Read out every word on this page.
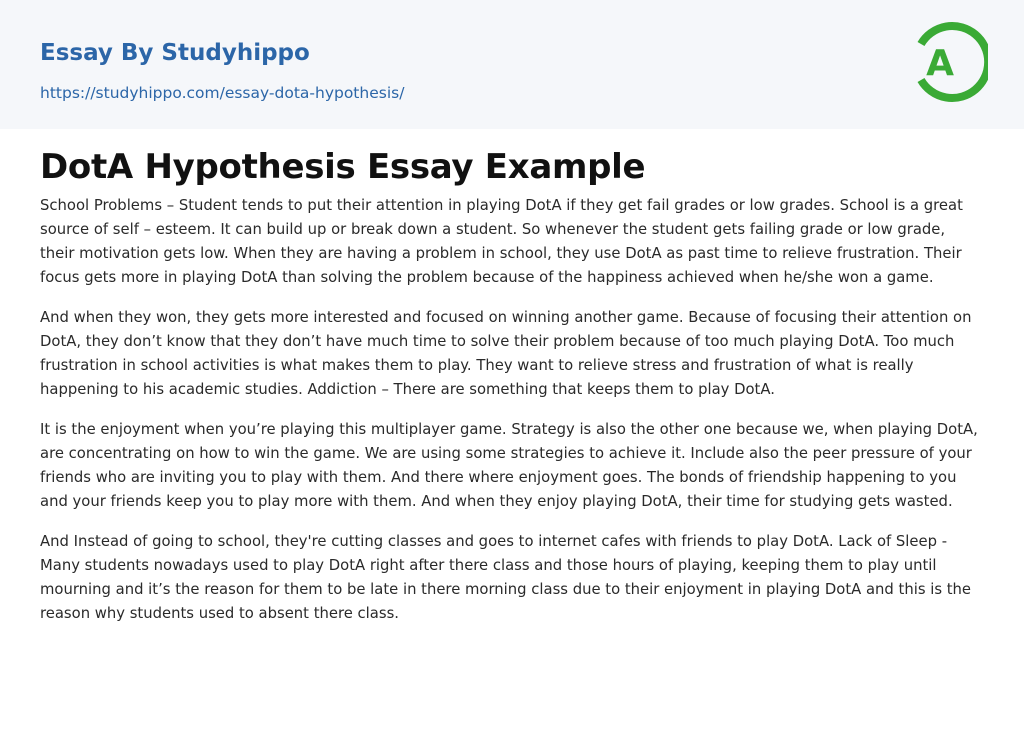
Essay By Studyhippo
https://studyhippo.com/essay-dota-hypothesis/
A
DotA Hypothesis Essay Example

School Problems – Student tends to put their attention in playing DotA if they get fail grades or low grades. School is a great source of self – esteem. It can build up or break down a student. So whenever the student gets failing grade or low grade, their motivation gets low. When they are having a problem in school, they use DotA as past time to relieve frustration. Their focus gets more in playing DotA than solving the problem because of the happiness achieved when he/she won a game.

And when they won, they gets more interested and focused on winning another game. Because of focusing their attention on DotA, they don’t know that they don’t have much time to solve their problem because of too much playing DotA. Too much frustration in school activities is what makes them to play. They want to relieve stress and frustration of what is really happening to his academic studies. Addiction – There are something that keeps them to play DotA.

It is the enjoyment when you’re playing this multiplayer game. Strategy is also the other one because we, when playing DotA, are concentrating on how to win the game. We are using some strategies to achieve it. Include also the peer pressure of your friends who are inviting you to play with them. And there where enjoyment goes. The bonds of friendship happening to you and your friends keep you to play more with them. And when they enjoy playing DotA, their time for studying gets wasted.

And Instead of going to school, they're cutting classes and goes to internet cafes with friends to play DotA. Lack of Sleep - Many students nowadays used to play DotA right after there class and those hours of playing, keeping them to play until mourning and it’s the reason for them to be late in there morning class due to their enjoyment in playing DotA and this is the reason why students used to absent there class.
